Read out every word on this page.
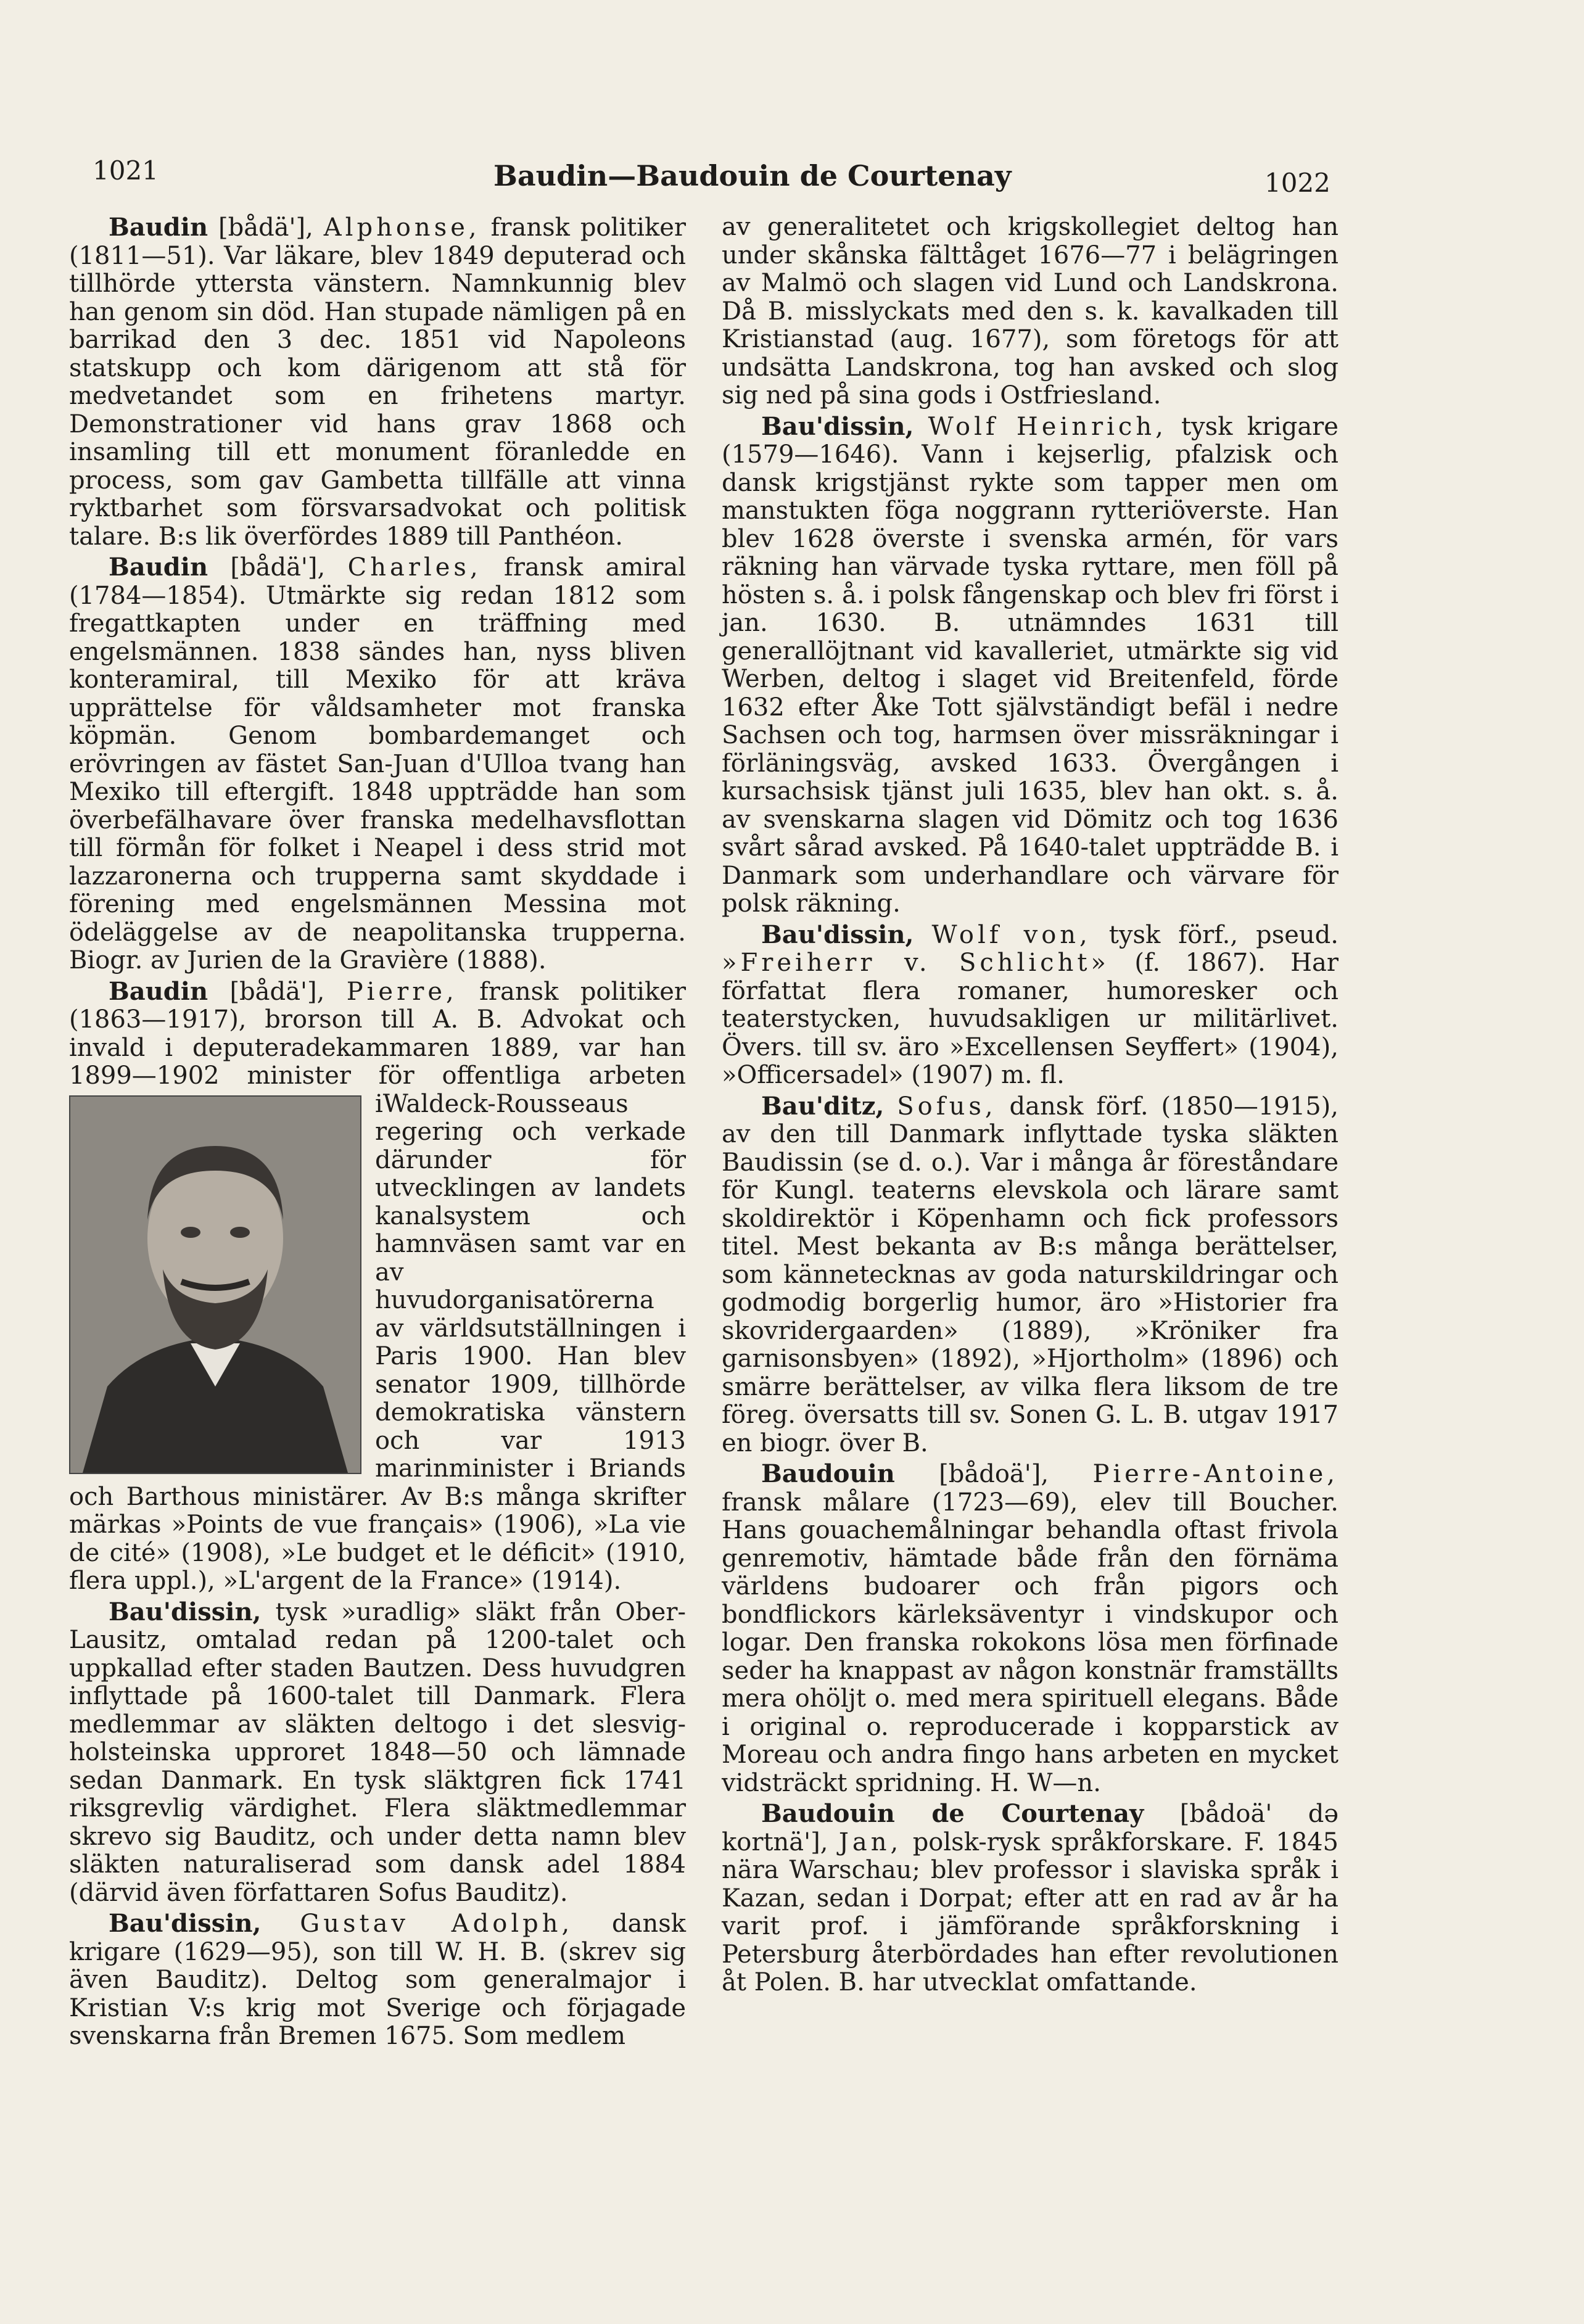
1021	Baudin—Baudouin de Courtenay	1022

Baudin [bådä'], Alphonse, fransk politiker (1811—51). Var läkare, blev 1849 deputerad och tillhörde yttersta vänstern. Namnkunnig blev han genom sin död. Han stupade nämligen på en barrikad den 3 dec. 1851 vid Napoleons statskupp och kom därigenom att stå för medvetandet som en frihetens martyr. Demonstrationer vid hans grav 1868 och insamling till ett monument föranledde en process, som gav Gambetta tillfälle att vinna ryktbarhet som försvarsadvokat och politisk talare. B:s lik överfördes 1889 till Panthéon.

Baudin [bådä'], Charles, fransk amiral (1784—1854). Utmärkte sig redan 1812 som fregattkapten under en träffning med engelsmännen. 1838 sändes han, nyss bliven konteramiral, till Mexiko för att kräva upprättelse för våldsamheter mot franska köpmän. Genom bombardemanget och erövringen av fästet San-Juan d'Ulloa tvang han Mexiko till eftergift. 1848 uppträdde han som överbefälhavare över franska medelhavsflottan till förmån för folket i Neapel i dess strid mot lazzaronerna och trupperna samt skyddade i förening med engelsmännen Messina mot ödeläggelse av de neapolitanska trupperna. Biogr. av Jurien de la Gravière (1888).

Baudin [bådä'], Pierre, fransk politiker (1863—1917), brorson till A. B. Advokat och invald i deputeradekammaren 1889, var han 1899—1902 minister för offentliga arbeten i
Waldeck-Rousseaus regering och verkade därunder för utvecklingen av landets kanalsystem och hamnväsen samt var en av huvudorganisatörerna av världsutställningen i Paris 1900. Han blev senator 1909, tillhörde demokratiska vänstern och var 1913 marinminister i Briands och Barthous ministärer. Av B:s många skrifter märkas »Points de vue français» (1906), »La vie de cité» (1908), »Le budget et le déficit» (1910, flera uppl.), »L'argent de la France» (1914).

Bau'dissin, tysk »uradlig» släkt från Ober-Lausitz, omtalad redan på 1200-talet och uppkallad efter staden Bautzen. Dess huvudgren inflyttade på 1600-talet till Danmark. Flera medlemmar av släkten deltogo i det slesvig-holsteinska upproret 1848—50 och lämnade sedan Danmark. En tysk släktgren fick 1741 riksgrevlig värdighet. Flera släktmedlemmar skrevo sig Bauditz, och under detta namn blev släkten naturaliserad som dansk adel 1884 (därvid även författaren Sofus Bauditz).

Bau'dissin, Gustav Adolph, dansk krigare (1629—95), son till W. H. B. (skrev sig även Bauditz). Deltog som generalmajor i Kristian V:s krig mot Sverige och förjagade svenskarna från Bremen 1675. Som medlem

av generalitetet och krigskollegiet deltog han under skånska fälttåget 1676—77 i belägringen av Malmö och slagen vid Lund och Landskrona. Då B. misslyckats med den s. k. kavalkaden till Kristianstad (aug. 1677), som företogs för att undsätta Landskrona, tog han avsked och slog sig ned på sina gods i Ostfriesland.

Bau'dissin, Wolf Heinrich, tysk krigare (1579—1646). Vann i kejserlig, pfalzisk och dansk krigstjänst rykte som tapper men om manstukten föga noggrann rytteriöverste. Han blev 1628 överste i svenska armén, för vars räkning han värvade tyska ryttare, men föll på hösten s. å. i polsk fångenskap och blev fri först i jan. 1630. B. utnämndes 1631 till generallöjtnant vid kavalleriet, utmärkte sig vid Werben, deltog i slaget vid Breitenfeld, förde 1632 efter Åke Tott självständigt befäl i nedre Sachsen och tog, harmsen över missräkningar i förläningsväg, avsked 1633. Övergången i kursachsisk tjänst juli 1635, blev han okt. s. å. av svenskarna slagen vid Dömitz och tog 1636 svårt sårad avsked. På 1640-talet uppträdde B. i Danmark som underhandlare och värvare för polsk räkning.

Bau'dissin, Wolf von, tysk förf., pseud. »Freiherr v. Schlicht» (f. 1867). Har författat flera romaner, humoresker och teaterstycken, huvudsakligen ur militärlivet. Övers. till sv. äro »Excellensen Seyffert» (1904), »Officersadel» (1907) m. fl.

Bau'ditz, Sofus, dansk förf. (1850—1915), av den till Danmark inflyttade tyska släkten Baudissin (se d. o.). Var i många år föreståndare för Kungl. teaterns elevskola och lärare samt skoldirektör i Köpenhamn och fick professors titel. Mest bekanta av B:s många berättelser, som kännetecknas av goda naturskildringar och godmodig borgerlig humor, äro »Historier fra skovridergaarden» (1889), »Kröniker fra garnisonsbyen» (1892), »Hjortholm» (1896) och smärre berättelser, av vilka flera liksom de tre föreg. översatts till sv. Sonen G. L. B. utgav 1917 en biogr. över B.

Baudouin [bådoä'], Pierre-Antoine, fransk målare (1723—69), elev till Boucher. Hans gouachemålningar behandla oftast frivola genremotiv, hämtade både från den förnäma världens budoarer och från pigors och bondflickors kärleksäventyr i vindskupor och logar. Den franska rokokons lösa men förfinade seder ha knappast av någon konstnär framställts mera ohöljt o. med mera spirituell elegans. Både i original o. reproducerade i kopparstick av Moreau och andra fingo hans arbeten en mycket vidsträckt spridning. H. W—n.

Baudouin de Courtenay [bådoä' də kortnä'], Jan, polsk-rysk språkforskare. F. 1845 nära Warschau; blev professor i slaviska språk i Kazan, sedan i Dorpat; efter att en rad av år ha varit prof. i jämförande språkforskning i Petersburg återbördades han efter revolutionen åt Polen. B. har utvecklat omfattande.
